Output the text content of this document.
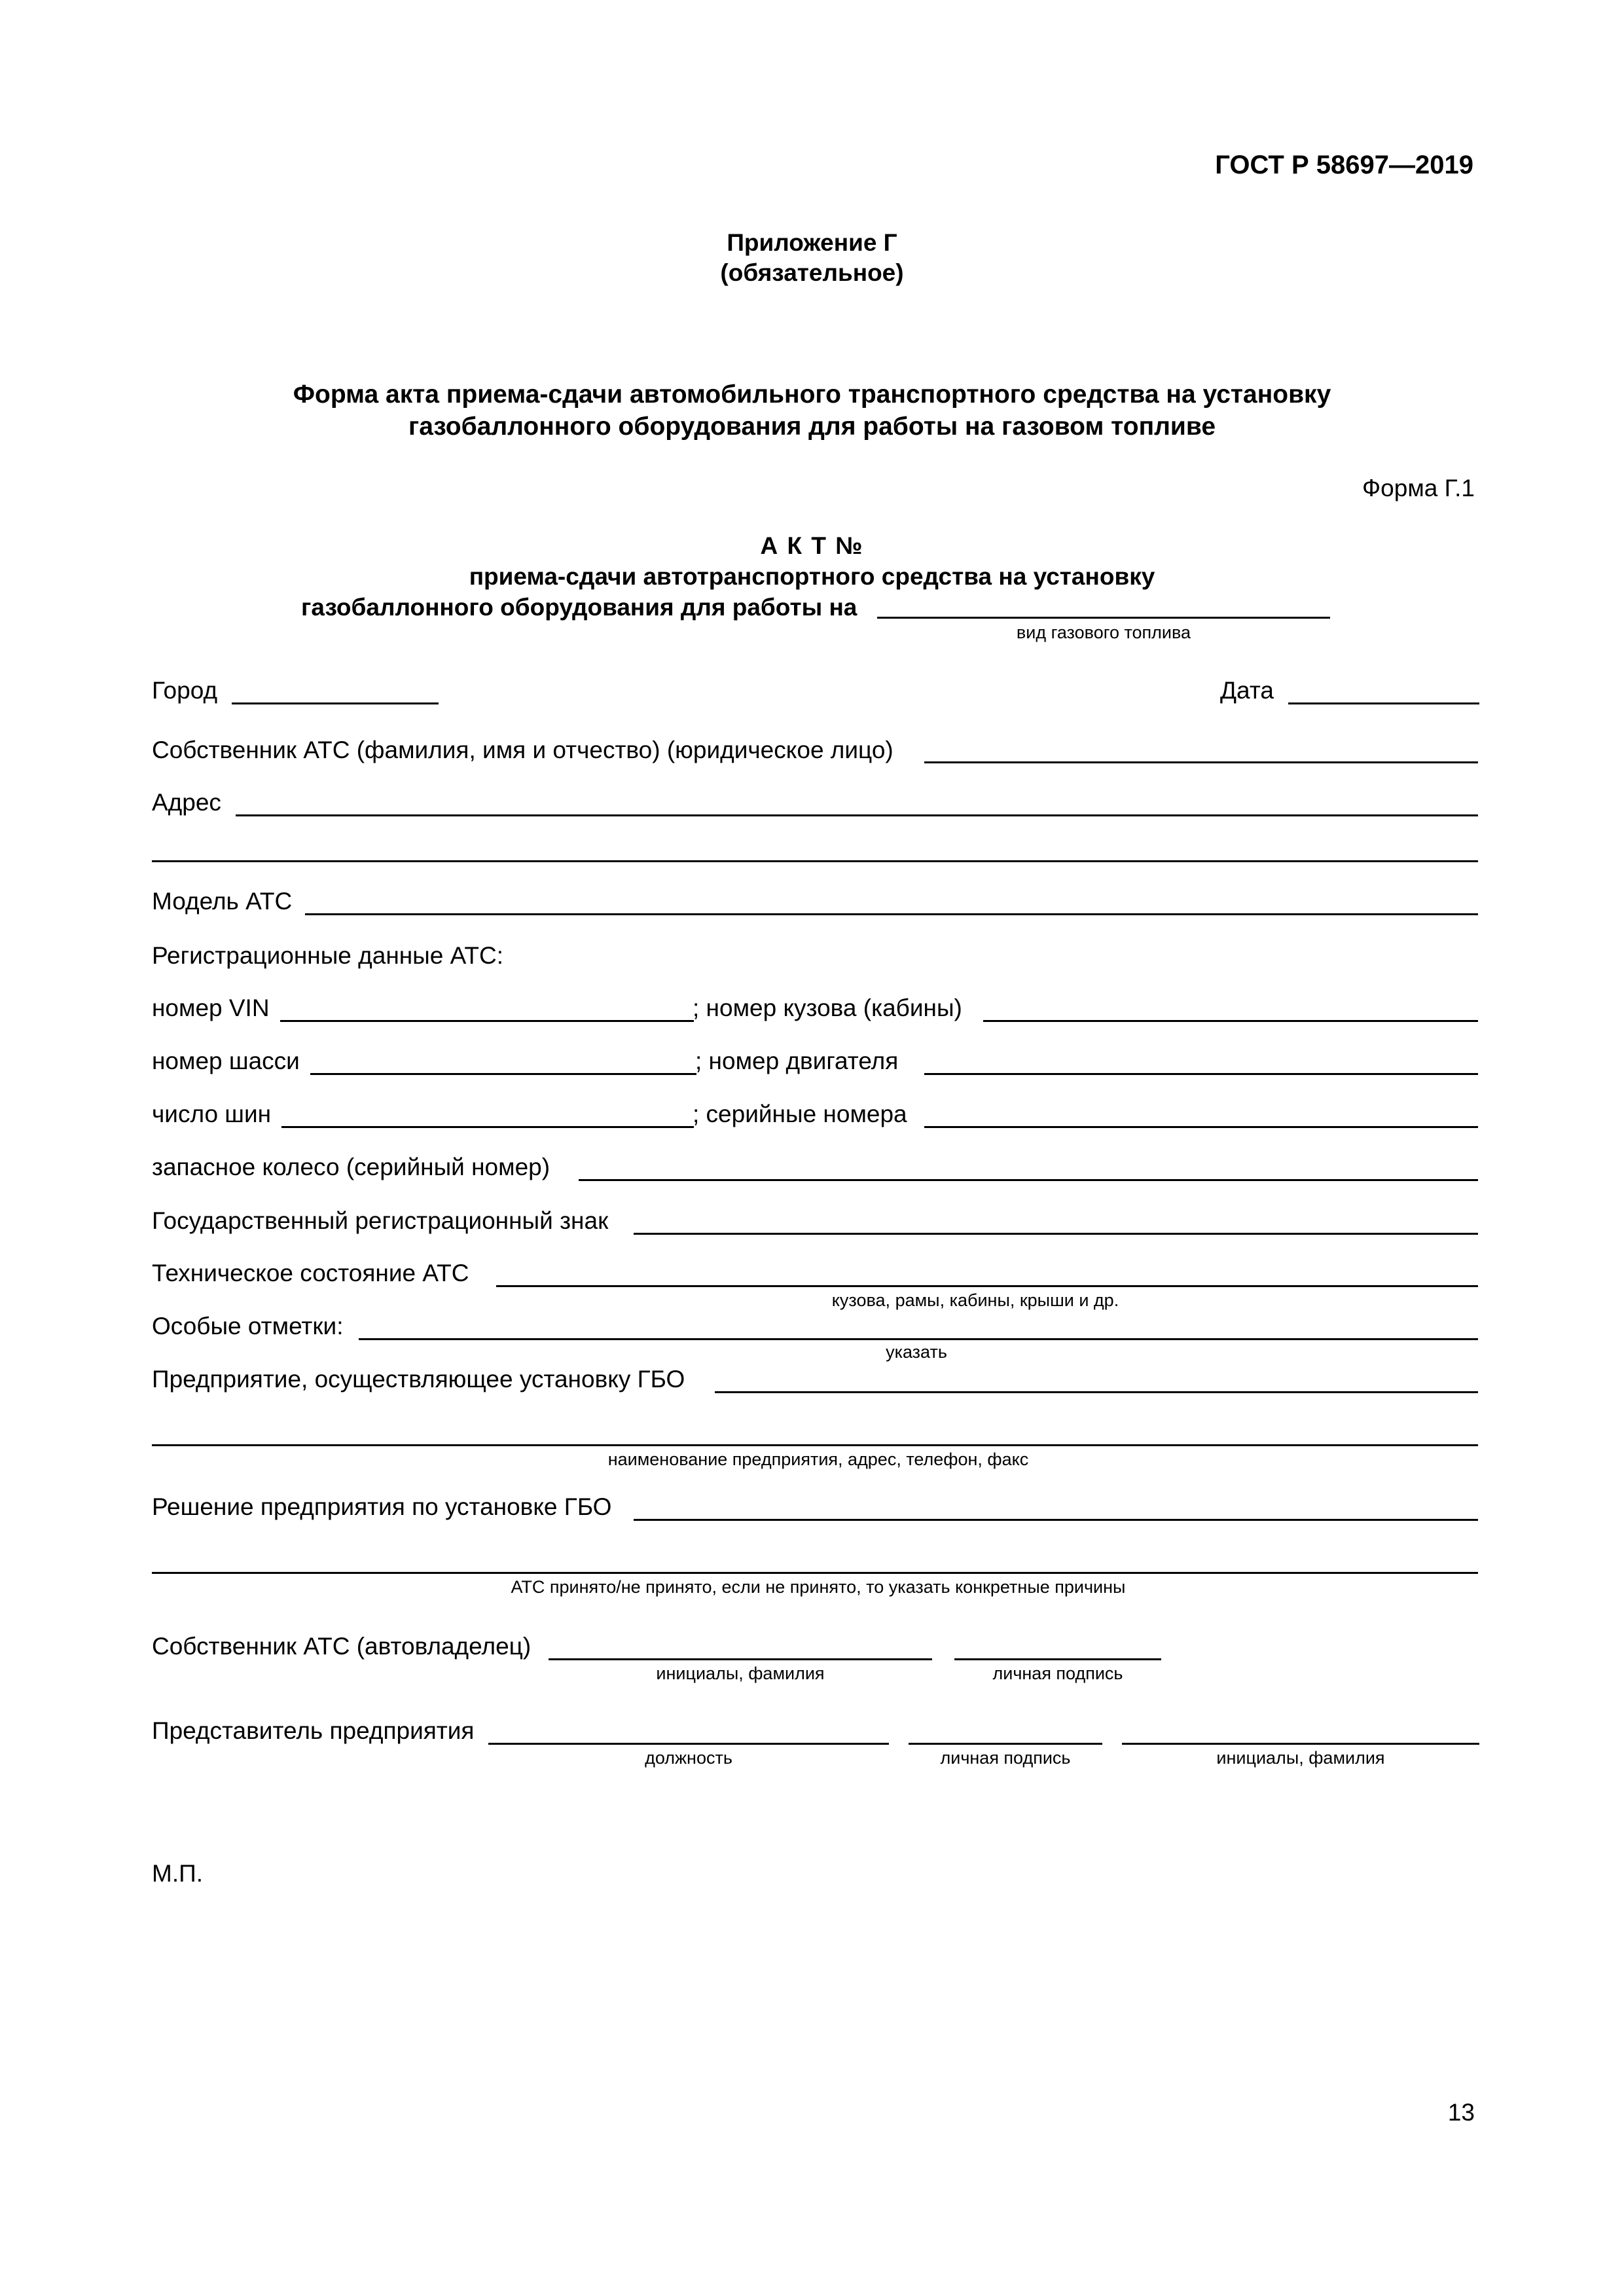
ГОСТ Р 58697—2019
Приложение Г
(обязательное)
Форма акта приема-сдачи автомобильного транспортного средства на установку
газобаллонного оборудования для работы на газовом топливе
Форма Г.1
А К Т №
приема-сдачи автотранспортного средства на установку
газобаллонного оборудования для работы на
вид газового топлива
Город	Дата
Собственник АТС (фамилия, имя и отчество) (юридическое лицо)
Адрес
Модель АТС
Регистрационные данные АТС:
номер VIN	; номер кузова (кабины)
номер шасси	; номер двигателя
число шин	; серийные номера
запасное колесо (серийный номер)
Государственный регистрационный знак
Техническое состояние АТС
кузова, рамы, кабины, крыши и др.
Особые отметки:
указать
Предприятие, осуществляющее установку ГБО
наименование предприятия, адрес, телефон, факс
Решение предприятия по установке ГБО
АТС принято/не принято, если не принято, то указать конкретные причины
Собственник АТС (автовладелец)
инициалы, фамилия	личная подпись
Представитель предприятия
должность	личная подпись	инициалы, фамилия
М.П.
13
